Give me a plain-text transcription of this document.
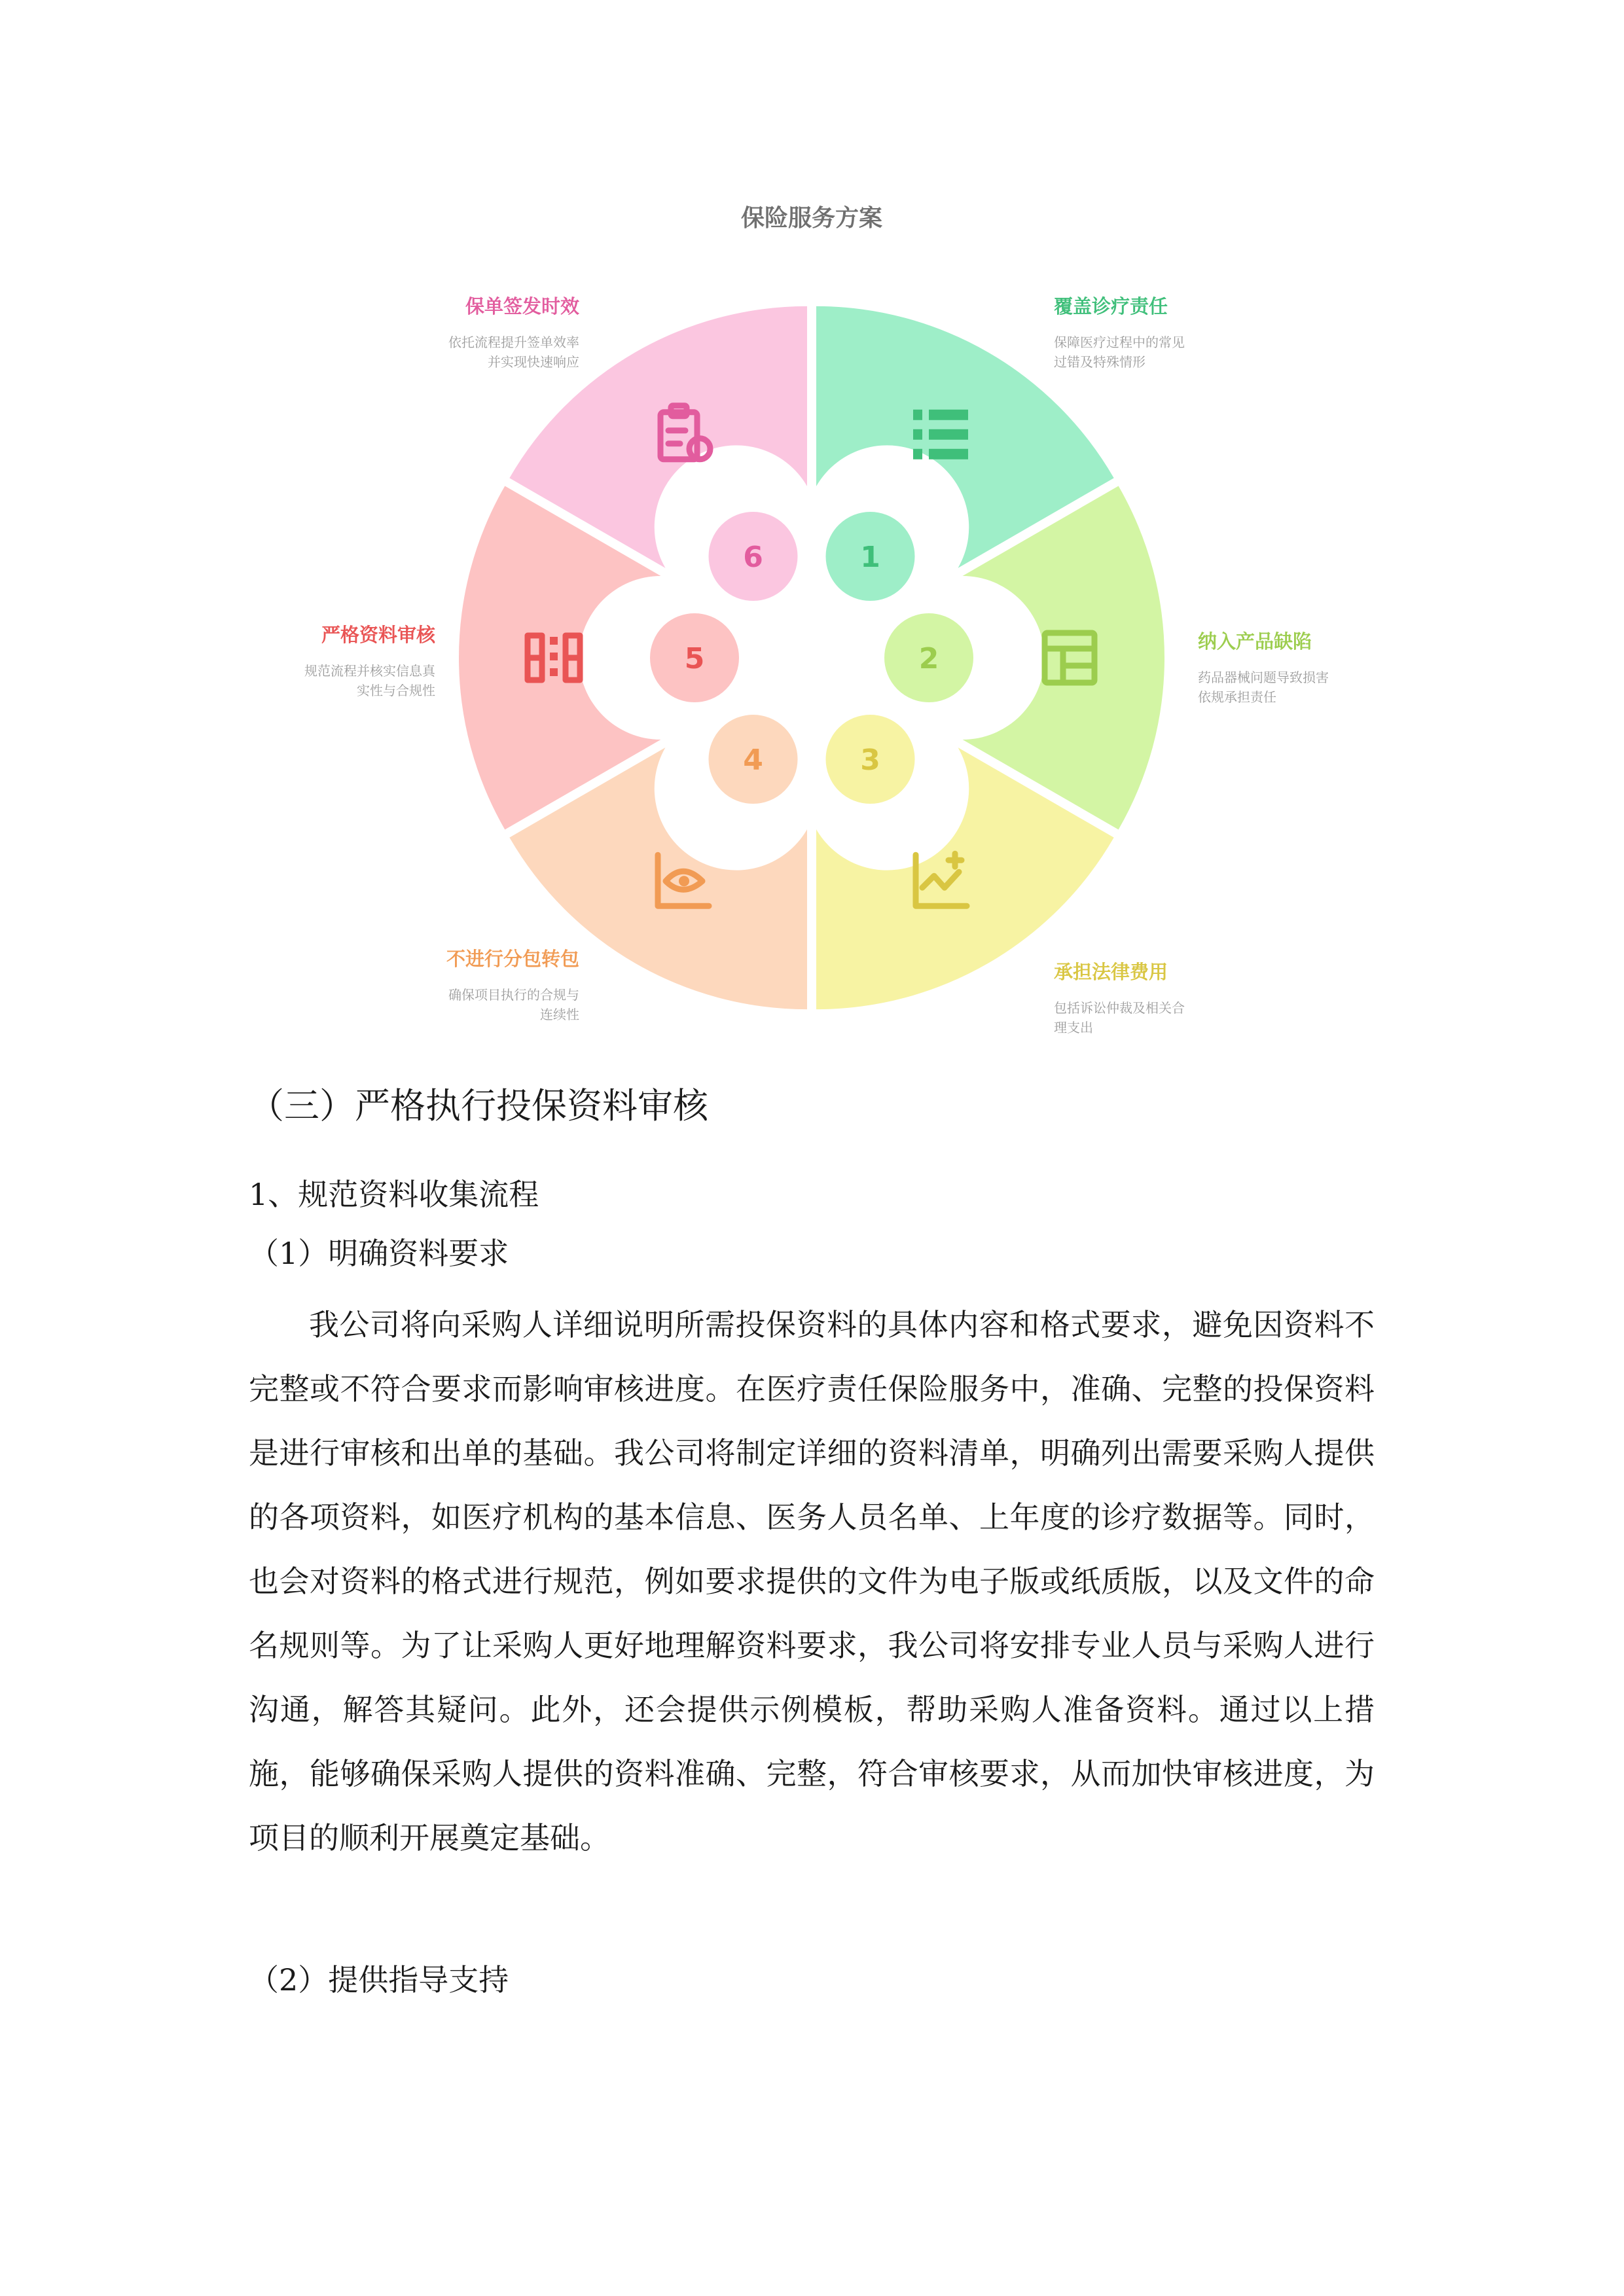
保险服务方案
1
2
3
4
5
6
覆盖诊疗责任
保障医疗过程中的常见
过错及特殊情形
纳入产品缺陷
药品器械问题导致损害
依规承担责任
承担法律费用
包括诉讼仲裁及相关合
理支出
不进行分包转包
确保项目执行的合规与
连续性
严格资料审核
规范流程并核实信息真
实性与合规性
保单签发时效
依托流程提升签单效率
并实现快速响应
（三）严格执行投保资料审核
1、规范资料收集流程
（1）明确资料要求

我公司将向采购人详细说明所需投保资料的具体内容和格式要求，避免因资料不完整或不符合要求而影响审核进度。在医疗责任保险服务中，准确、完整的投保资料是进行审核和出单的基础。我公司将制定详细的资料清单，明确列出需要采购人提供的各项资料，如医疗机构的基本信息、医务人员名单、上年度的诊疗数据等。同时，也会对资料的格式进行规范，例如要求提供的文件为电子版或纸质版，以及文件的命名规则等。为了让采购人更好地理解资料要求，我公司将安排专业人员与采购人进行沟通，解答其疑问。此外，还会提供示例模板，帮助采购人准备资料。通过以上措施，能够确保采购人提供的资料准确、完整，符合审核要求，从而加快审核进度，为项目的顺利开展奠定基础。

（2）提供指导支持
